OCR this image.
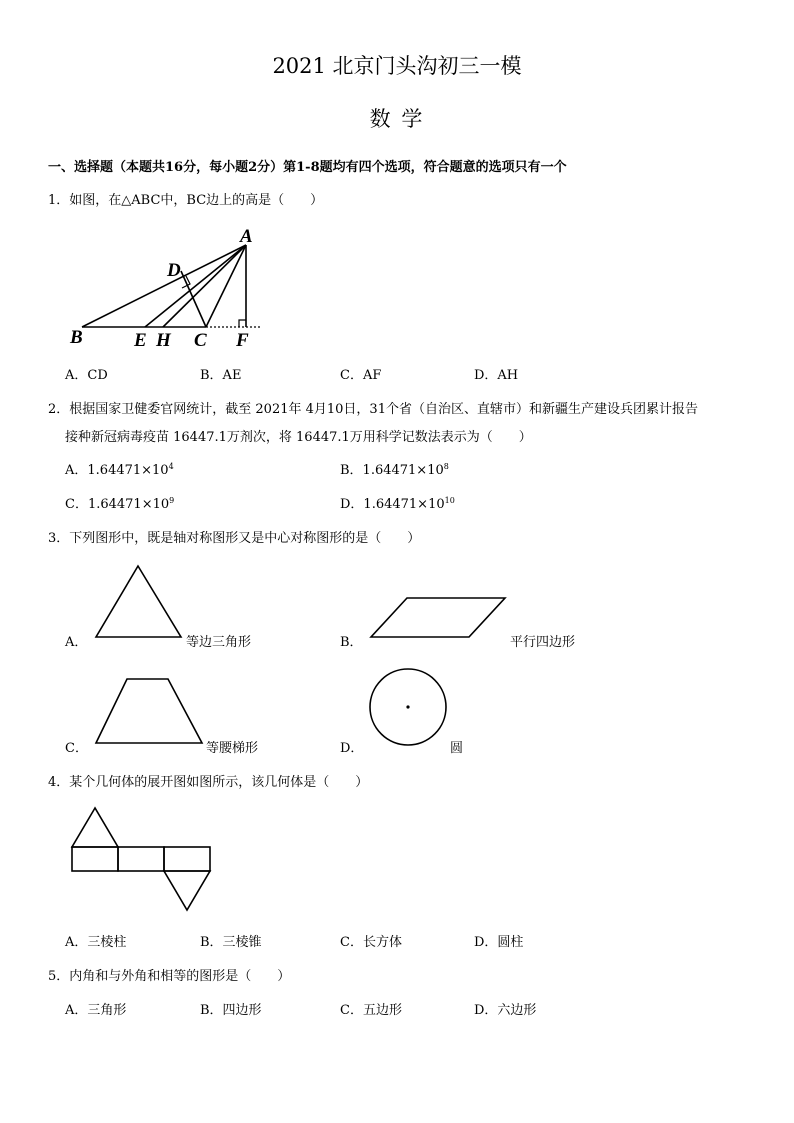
2021 北京门头沟初三一模
数 学
一、选择题（本题共16分，每小题2分）第1-8题均有四个选项，符合题意的选项只有一个
1．如图，在△ABC中，BC边上的高是（　　）
A
B
D
E H C F
A．CD	B．AE	C．AF	D．AH
2．根据国家卫健委官网统计，截至 2021年 4月10日，31个省（自治区、直辖市）和新疆生产建设兵团累计报告
接种新冠病毒疫苗 16447.1万剂次，将 16447.1万用科学记数法表示为（　　）
A．$1.64471\times 10^4$	B．$1.64471\times 10^8$
C．$1.64471\times 10^9$	D．$1.64471\times 10^{10}$
3．下列图形中，既是轴对称图形又是中心对称图形的是（　　）
A．	等边三角形	B．	平行四边形
C．	等腰梯形	D．	圆
4．某个几何体的展开图如图所示，该几何体是（　　）
A．三棱柱	B．三棱锥	C．长方体	D．圆柱
5．内角和与外角和相等的图形是（　　）
A．三角形	B．四边形	C．五边形	D．六边形
